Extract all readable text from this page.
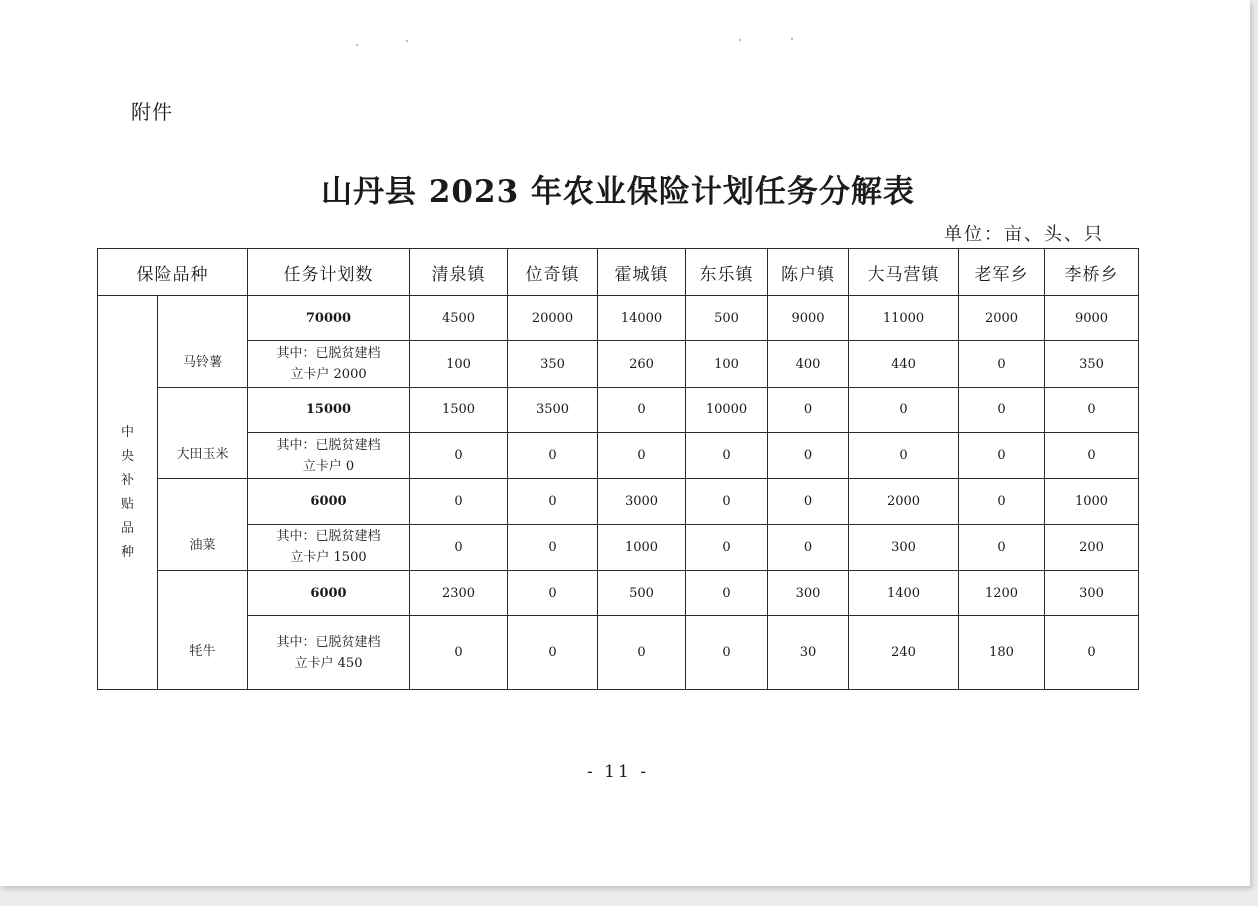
附件
山丹县 2023 年农业保险计划任务分解表
单位：亩、头、只
保险品种		任务计划数	清泉镇	位奇镇	霍城镇	东乐镇	陈户镇	大马营镇	老军乡	李桥乡
中央补贴品种	马铃薯	70000	4500	20000	14000	500	9000	11000	2000	9000

		其中：已脱贫建档
立卡户 2000	100	350	260	100	400	440	0	350
	大田玉米	15000	1500	3500	0	10000	0	0	0	0

		其中：已脱贫建档
立卡户 0	0	0	0	0	0	0	0	0
	油菜	6000	0	0	3000	0	0	2000	0	1000

		其中：已脱贫建档
立卡户 1500	0	0	1000	0	0	300	0	200
	牦牛	6000	2300	0	500	0	300	1400	1200	300

		其中：已脱贫建档
立卡户 450	0	0	0	0	30	240	180	0
- 11 -
